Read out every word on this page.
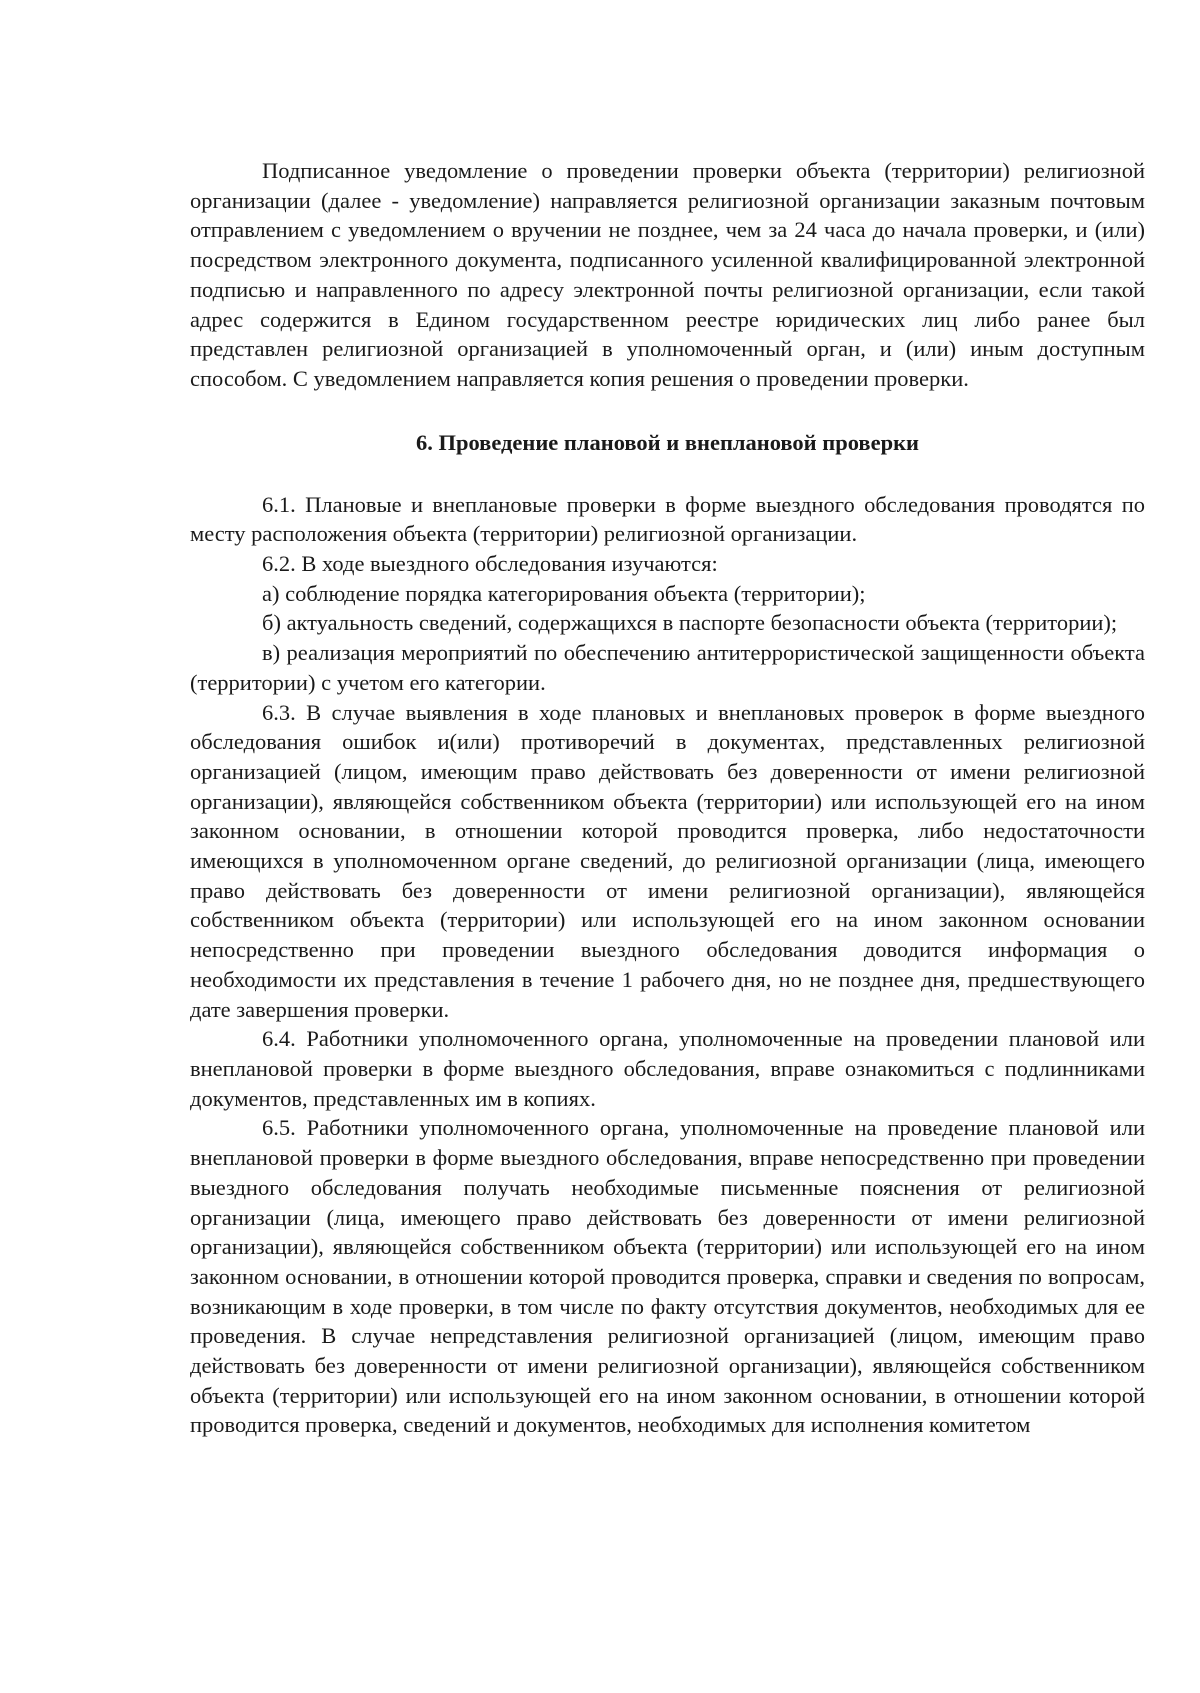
Подписанное уведомление о проведении проверки объекта (территории) религиозной организации (далее - уведомление) направляется религиозной организации заказным почтовым отправлением с уведомлением о вручении не позднее, чем за 24 часа до начала проверки, и (или) посредством электронного документа, подписанного усиленной квалифицированной электронной подписью и направленного по адресу электронной почты религиозной организации, если такой адрес содержится в Едином государственном реестре юридических лиц либо ранее был представлен религиозной организацией в уполномоченный орган, и (или) иным доступным способом. С уведомлением направляется копия решения о проведении проверки.

6. Проведение плановой и внеплановой проверки

6.1. Плановые и внеплановые проверки в форме выездного обследования проводятся по месту расположения объекта (территории) религиозной организации.

6.2. В ходе выездного обследования изучаются:

а) соблюдение порядка категорирования объекта (территории);

б) актуальность сведений, содержащихся в паспорте безопасности объекта (территории);

в) реализация мероприятий по обеспечению антитеррористической защищенности объекта (территории) с учетом его категории.

6.3. В случае выявления в ходе плановых и внеплановых проверок в форме выездного обследования ошибок и(или) противоречий в документах, представленных религиозной организацией (лицом, имеющим право действовать без доверенности от имени религиозной организации), являющейся собственником объекта (территории) или использующей его на ином законном основании, в отношении которой проводится проверка, либо недостаточности имеющихся в уполномоченном органе сведений, до религиозной организации (лица, имеющего право действовать без доверенности от имени религиозной организации), являющейся собственником объекта (территории) или использующей его на ином законном основании непосредственно при проведении выездного обследования доводится информация о необходимости их представления в течение 1 рабочего дня, но не позднее дня, предшествующего дате завершения проверки.

6.4. Работники уполномоченного органа, уполномоченные на проведении плановой или внеплановой проверки в форме выездного обследования, вправе ознакомиться с подлинниками документов, представленных им в копиях.

6.5. Работники уполномоченного органа, уполномоченные на проведение плановой или внеплановой проверки в форме выездного обследования, вправе непосредственно при проведении выездного обследования получать необходимые письменные пояснения от религиозной организации (лица, имеющего право действовать без доверенности от имени религиозной организации), являющейся собственником объекта (территории) или использующей его на ином законном основании, в отношении которой проводится проверка, справки и сведения по вопросам, возникающим в ходе проверки, в том числе по факту отсутствия документов, необходимых для ее проведения. В случае непредставления религиозной организацией (лицом, имеющим право действовать без доверенности от имени религиозной организации), являющейся собственником объекта (территории) или использующей его на ином законном основании, в отношении которой проводится проверка, сведений и документов, необходимых для исполнения комитетом
